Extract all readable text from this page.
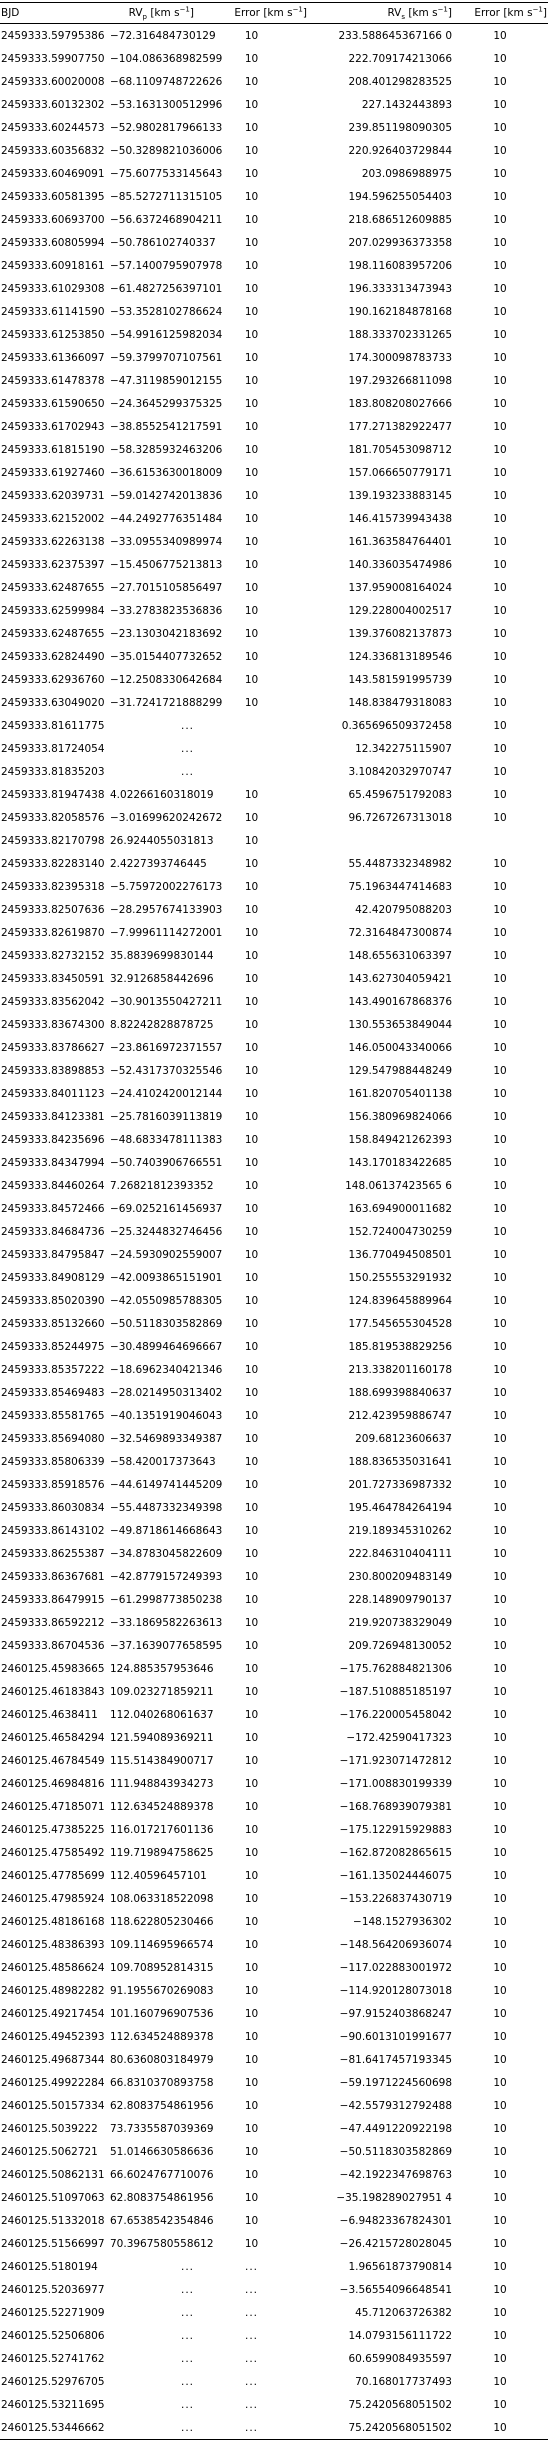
BJD	$RV_p$ [km $s^{-1}$]	Error [km $s^{-1}$]	$RV_s$ [km $s^{-1}$]	Error [km $s^{-1}$]
2459333.59795386 −72.316484730129	10	233.588645367166 0	10
2459333.59907750 −104.086368982599	10	222.709174213066	10
2459333.60020008 −68.1109748722626	10	208.401298283525	10
2459333.60132302 −53.1631300512996	10	227.1432443893	10
2459333.60244573 −52.9802817966133	10	239.851198090305	10
2459333.60356832 −50.3289821036006	10	220.926403729844	10
2459333.60469091 −75.6077533145643	10	203.0986988975	10
2459333.60581395 −85.5272711315105	10	194.596255054403	10
2459333.60693700 −56.6372468904211	10	218.686512609885	10
2459333.60805994 −50.786102740337	10	207.029936373358	10
2459333.60918161 −57.1400795907978	10	198.116083957206	10
2459333.61029308 −61.4827256397101	10	196.333313473943	10
2459333.61141590 −53.3528102786624	10	190.162184878168	10
2459333.61253850 −54.9916125982034	10	188.333702331265	10
2459333.61366097 −59.3799707107561	10	174.300098783733	10
2459333.61478378 −47.3119859012155	10	197.293266811098	10
2459333.61590650 −24.3645299375325	10	183.808208027666	10
2459333.61702943 −38.8552541217591	10	177.271382922477	10
2459333.61815190 −58.3285932463206	10	181.705453098712	10
2459333.61927460 −36.6153630018009	10	157.066650779171	10
2459333.62039731 −59.0142742013836	10	139.193233883145	10
2459333.62152002 −44.2492776351484	10	146.415739943438	10
2459333.62263138 −33.0955340989974	10	161.363584764401	10
2459333.62375397 −15.4506775213813	10	140.336035474986	10
2459333.62487655 −27.7015105856497	10	137.959008164024	10
2459333.62599984 −33.2783823536836	10	129.228004002517	10
2459333.62487655 −23.1303042183692	10	139.376082137873	10
2459333.62824490 −35.0154407732652	10	124.336813189546	10
2459333.62936760 −12.2508330642684	10	143.581591995739	10
2459333.63049020 −31.7241721888299	10	148.838479318083	10
2459333.81611775	...	0.365696509372458	10
2459333.81724054	...	12.342275115907	10
2459333.81835203	...	3.10842032970747	10
2459333.81947438 4.02266160318019	10	65.4596751792083	10
2459333.82058576 −3.01699620242672	10	96.7267267313018	10
2459333.82170798 26.9244055031813	10
2459333.82283140 2.4227393746445	10	55.4487332348982	10
2459333.82395318 −5.75972002276173	10	75.1963447414683	10
2459333.82507636 −28.2957674133903	10	42.420795088203	10
2459333.82619870 −7.99961114272001	10	72.3164847300874	10
2459333.82732152 35.8839699830144	10	148.655631063397	10
2459333.83450591 32.9126858442696	10	143.627304059421	10
2459333.83562042 −30.9013550427211	10	143.490167868376	10
2459333.83674300 8.82242828878725	10	130.553653849044	10
2459333.83786627 −23.8616972371557	10	146.050043340066	10
2459333.83898853 −52.4317370325546	10	129.547988448249	10
2459333.84011123 −24.4102420012144	10	161.820705401138	10
2459333.84123381 −25.7816039113819	10	156.380969824066	10
2459333.84235696 −48.6833478111383	10	158.849421262393	10
2459333.84347994 −50.7403906766551	10	143.170183422685	10
2459333.84460264 7.26821812393352	10	148.06137423565 6	10
2459333.84572466 −69.0252161456937	10	163.694900011682	10
2459333.84684736 −25.3244832746456	10	152.724004730259	10
2459333.84795847 −24.5930902559007	10	136.770494508501	10
2459333.84908129 −42.0093865151901	10	150.255553291932	10
2459333.85020390 −42.0550985788305	10	124.839645889964	10
2459333.85132660 −50.5118303582869	10	177.545655304528	10
2459333.85244975 −30.4899464696667	10	185.819538829256	10
2459333.85357222 −18.6962340421346	10	213.338201160178	10
2459333.85469483 −28.0214950313402	10	188.699398840637	10
2459333.85581765 −40.1351919046043	10	212.423959886747	10
2459333.85694080 −32.5469893349387	10	209.68123606637	10
2459333.85806339 −58.420017373643	10	188.836535031641	10
2459333.85918576 −44.6149741445209	10	201.727336987332	10
2459333.86030834 −55.4487332349398	10	195.464784264194	10
2459333.86143102 −49.8718614668643	10	219.189345310262	10
2459333.86255387 −34.8783045822609	10	222.846310404111	10
2459333.86367681 −42.8779157249393	10	230.800209483149	10
2459333.86479915 −61.2998773850238	10	228.148909790137	10
2459333.86592212 −33.1869582263613	10	219.920738329049	10
2459333.86704536 −37.1639077658595	10	209.726948130052	10
2460125.45983665 124.885357953646	10	−175.762884821306	10
2460125.46183843 109.023271859211	10	−187.510885185197	10
2460125.4638411	112.040268061637	10	−176.220005458042	10
2460125.46584294 121.594089369211	10	−172.42590417323	10
2460125.46784549 115.514384900717	10	−171.923071472812	10
2460125.46984816 111.948843934273	10	−171.008830199339	10
2460125.47185071 112.634524889378	10	−168.768939079381	10
2460125.47385225 116.017217601136	10	−175.122915929883	10
2460125.47585492 119.719894758625	10	−162.872082865615	10
2460125.47785699 112.40596457101	10	−161.135024446075	10
2460125.47985924 108.063318522098	10	−153.226837430719	10
2460125.48186168 118.622805230466	10	−148.1527936302	10
2460125.48386393 109.114695966574	10	−148.564206936074	10
2460125.48586624 109.708952814315	10	−117.022883001972	10
2460125.48982282 91.1955670269083	10	−114.920128073018	10
2460125.49217454 101.160796907536	10	−97.9152403868247	10
2460125.49452393 112.634524889378	10	−90.6013101991677	10
2460125.49687344 80.6360803184979	10	−81.6417457193345	10
2460125.49922284 66.8310370893758	10	−59.1971224560698	10
2460125.50157334 62.8083754861956	10	−42.5579312792488	10
2460125.5039222	73.7335587039369	10	−47.4491220922198	10
2460125.5062721	51.0146630586636	10	−50.5118303582869	10
2460125.50862131 66.6024767710076	10	−42.1922347698763	10
2460125.51097063 62.8083754861956	10	−35.198289027951 4	10
2460125.51332018 67.6538542354846	10	−6.94823367824301	10
2460125.51566997 70.3967580558612	10	−26.4215728028045	10
2460125.5180194	...	...	1.96561873790814	10
2460125.52036977	...	...	−3.56554096648541	10
2460125.52271909	...	...	45.712063726382	10
2460125.52506806	...	...	14.0793156111722	10
2460125.52741762	...	...	60.6599084935597	10
2460125.52976705	...	...	70.168017737493	10
2460125.53211695	...	...	75.2420568051502	10
2460125.53446662	...	...	75.2420568051502	10
